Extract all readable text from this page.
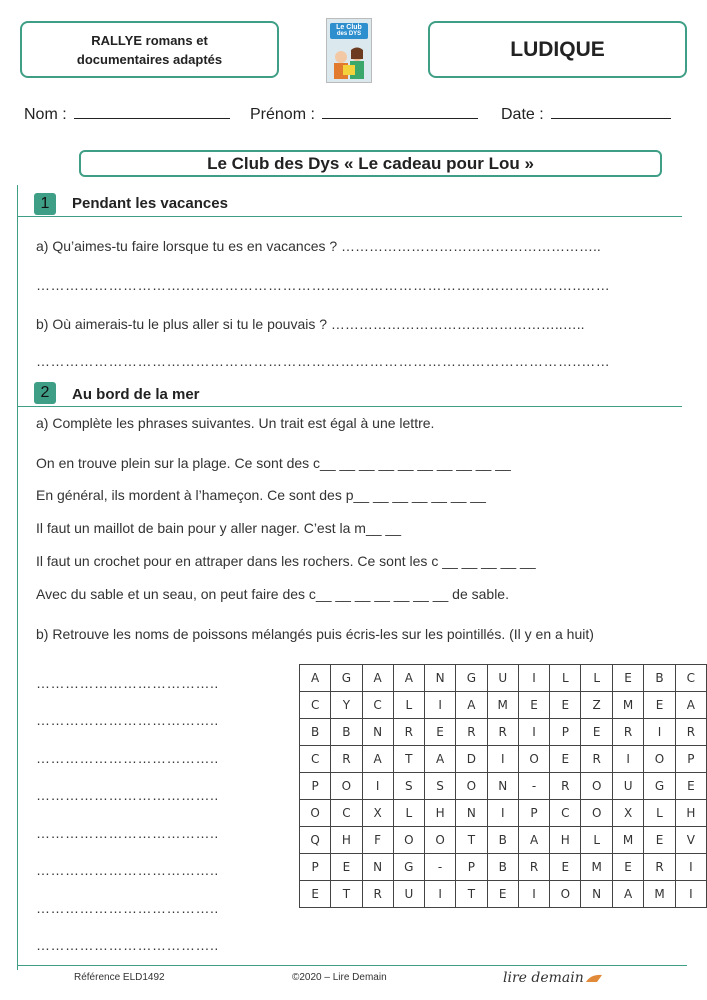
RALLYE romans et
documentaires adaptés
Le Club
des DYS
LUDIQUE
Nom :	Prénom :	Date :
Le Club des Dys « Le cadeau pour Lou »
1	Pendant les vacances
a) Qu’aimes-tu faire lorsque tu es en vacances ? ………………………………………………..
…………………………………………………………………………………………………..……
b) Où aimerais-tu le plus aller si tu le pouvais ? …………………………………………..…..
…………………………………………………………………………………………………..……
2	Au bord de la mer
a) Complète les phrases suivantes. Un trait est égal à une lettre.
On en trouve plein sur la plage. Ce sont des c__ __ __ __ __ __ __ __ __ __
En général, ils mordent à l’hameçon. Ce sont des p__ __ __ __ __ __ __
Il faut un maillot de bain pour y aller nager. C’est la m__ __
Il faut un crochet pour en attraper dans les rochers. Ce sont les c __ __ __ __ __
Avec du sable et un seau, on peut faire des c__ __ __ __ __ __ __ de sable.
b) Retrouve les noms de poissons mélangés puis écris-les sur les pointillés. (Il y en a huit)
………………………………..
………………………………..
………………………………..
………………………………..
………………………………..
………………………………..
………………………………..
………………………………..
A	G	A	A	N	G	U	I	L	L	E	B	C
C	Y	C	L	I	A	M	E	E	Z	M	E	A
B	B	N	R	E	R	R	I	P	E	R	I	R
C	R	A	T	A	D	I	O	E	R	I	O	P
P	O	I	S	S	O	N	-	R	O	U	G	E
O	C	X	L	H	N	I	P	C	O	X	L	H
Q	H	F	O	O	T	B	A	H	L	M	E	V
P	E	N	G	-	P	B	R	E	M	E	R	I
E	T	R	U	I	T	E	I	O	N	A	M	I
Référence ELD1492	©2020 – Lire Demain	lire demain
